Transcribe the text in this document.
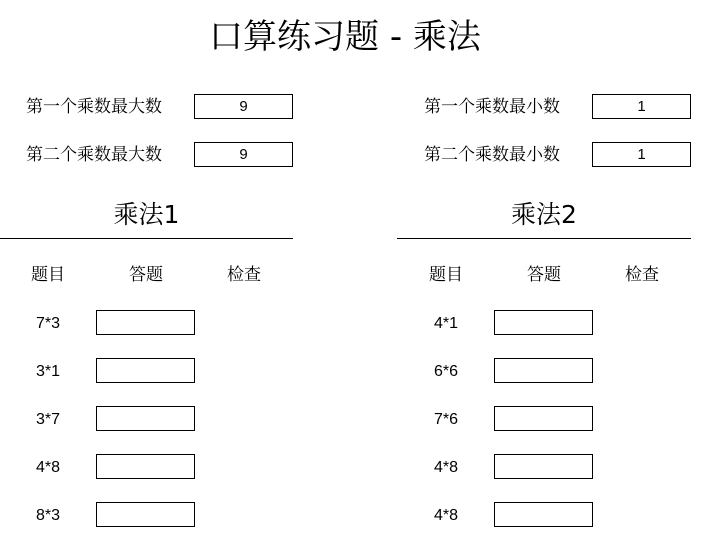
口算练习题 - 乘法
第一个乘数最大数
9
第二个乘数最大数
9
第一个乘数最小数
1
第二个乘数最小数
1
乘法1
题目	答题	检查
7*3
3*1
3*7
4*8
8*3
乘法2
题目	答题	检查
4*1
6*6
7*6
4*8
4*8
